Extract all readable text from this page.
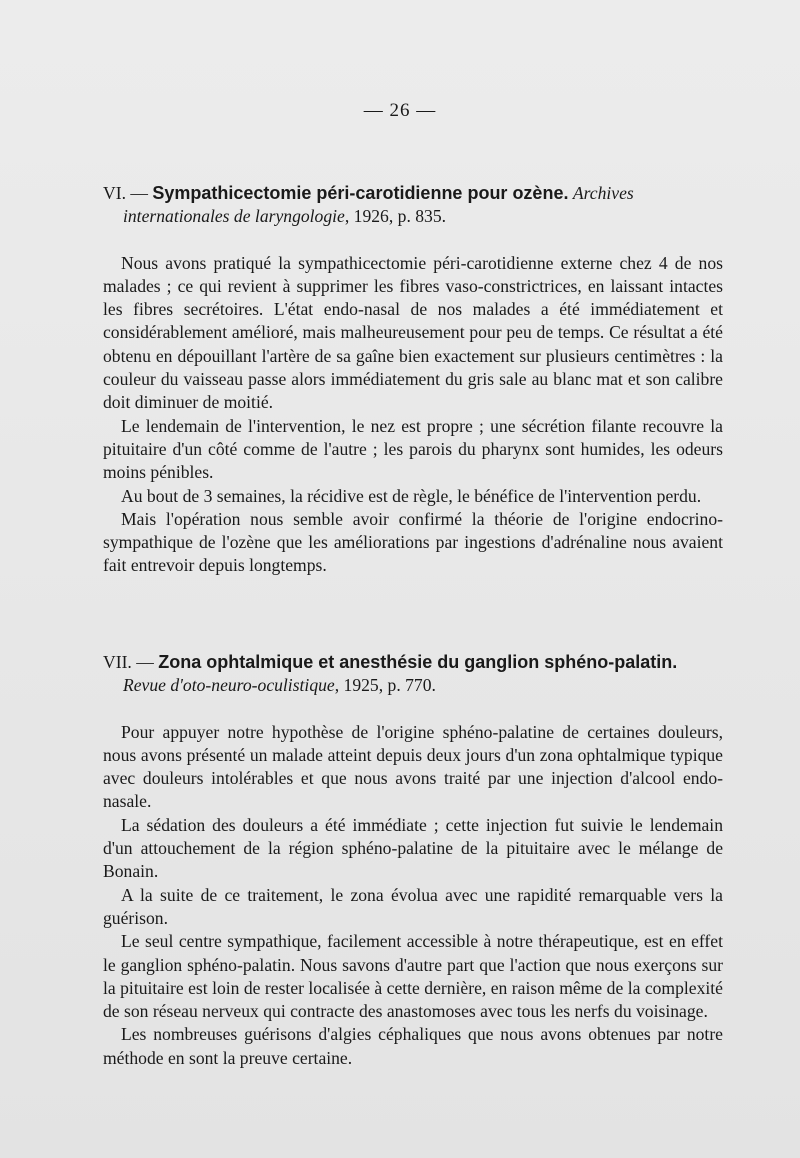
— 26 —

VI. — Sympathicectomie péri-carotidienne pour ozène. Archives internationales de laryngologie, 1926, p. 835.

Nous avons pratiqué la sympathicectomie péri-carotidienne externe chez 4 de nos malades ; ce qui revient à supprimer les fibres vaso-constrictrices, en laissant intactes les fibres secrétoires. L'état endo-nasal de nos malades a été immédiatement et considérablement amélioré, mais malheureusement pour peu de temps. Ce résultat a été obtenu en dépouillant l'artère de sa gaîne bien exactement sur plusieurs centimètres : la couleur du vaisseau passe alors immédiatement du gris sale au blanc mat et son calibre doit diminuer de moitié.

Le lendemain de l'intervention, le nez est propre ; une sécrétion filante recouvre la pituitaire d'un côté comme de l'autre ; les parois du pharynx sont humides, les odeurs moins pénibles.

Au bout de 3 semaines, la récidive est de règle, le bénéfice de l'intervention perdu.

Mais l'opération nous semble avoir confirmé la théorie de l'origine endocrino-sympathique de l'ozène que les améliorations par ingestions d'adrénaline nous avaient fait entrevoir depuis longtemps.

VII. — Zona ophtalmique et anesthésie du ganglion sphéno-palatin. Revue d'oto-neuro-oculistique, 1925, p. 770.

Pour appuyer notre hypothèse de l'origine sphéno-palatine de certaines douleurs, nous avons présenté un malade atteint depuis deux jours d'un zona ophtalmique typique avec douleurs intolérables et que nous avons traité par une injection d'alcool endo-nasale.

La sédation des douleurs a été immédiate ; cette injection fut suivie le lendemain d'un attouchement de la région sphéno-palatine de la pituitaire avec le mélange de Bonain.

A la suite de ce traitement, le zona évolua avec une rapidité remarquable vers la guérison.

Le seul centre sympathique, facilement accessible à notre thérapeutique, est en effet le ganglion sphéno-palatin. Nous savons d'autre part que l'action que nous exerçons sur la pituitaire est loin de rester localisée à cette dernière, en raison même de la complexité de son réseau nerveux qui contracte des anastomoses avec tous les nerfs du voisinage.

Les nombreuses guérisons d'algies céphaliques que nous avons obtenues par notre méthode en sont la preuve certaine.
